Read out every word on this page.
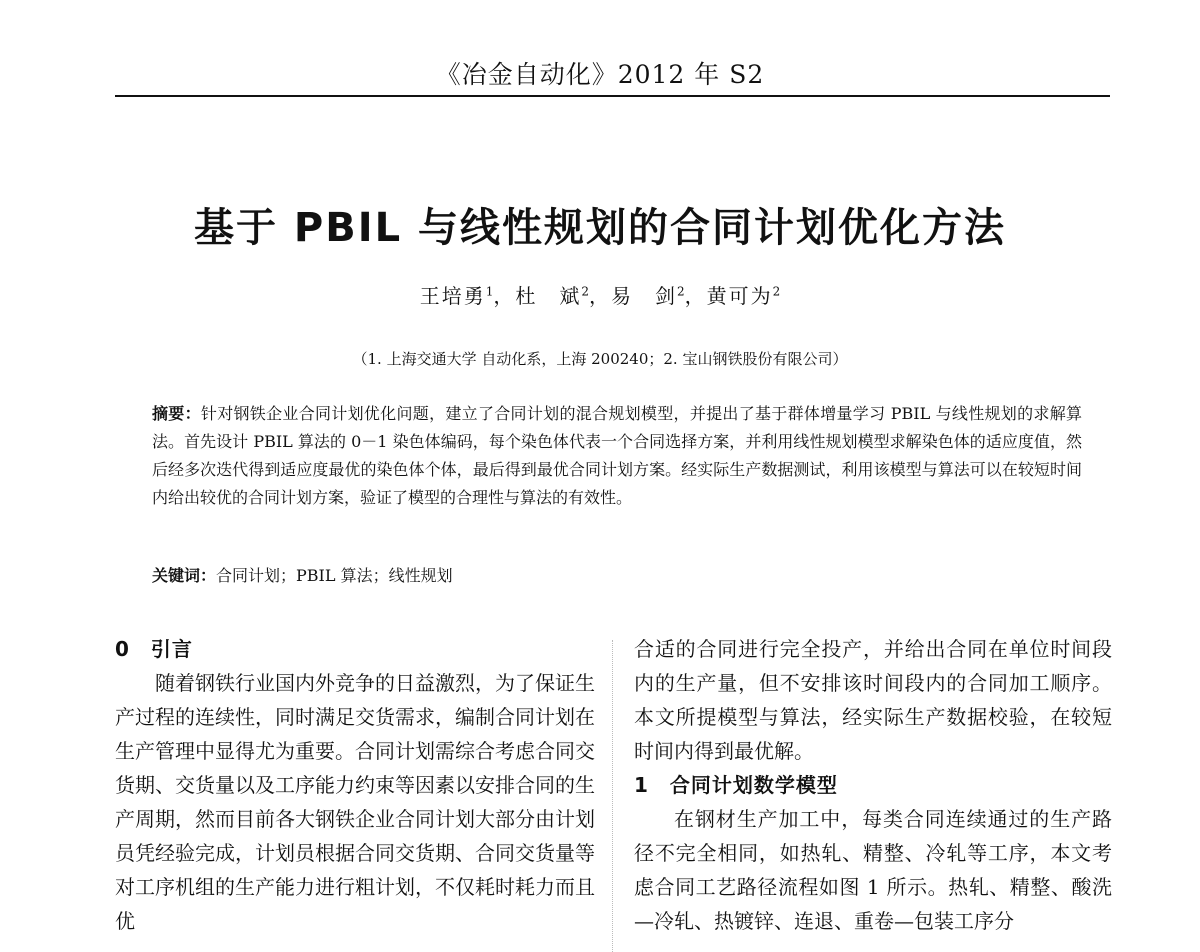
《冶金自动化》2012 年 S2
基于 PBIL 与线性规划的合同计划优化方法
王培勇$^1$，杜　斌$^2$，易　剑$^2$，黄可为$^2$
（1. 上海交通大学 自动化系，上海 200240；2. 宝山钢铁股份有限公司）
摘要：针对钢铁企业合同计划优化问题，建立了合同计划的混合规划模型，并提出了基于群体增量学习 PBIL 与线性规划的求解算法。首先设计 PBIL 算法的 0－1 染色体编码，每个染色体代表一个合同选择方案，并利用线性规划模型求解染色体的适应度值，然后经多次迭代得到适应度最优的染色体个体，最后得到最优合同计划方案。经实际生产数据测试，利用该模型与算法可以在较短时间内给出较优的合同计划方案，验证了模型的合理性与算法的有效性。
关键词：合同计划；PBIL 算法；线性规划
0　引言

随着钢铁行业国内外竞争的日益激烈，为了保证生产过程的连续性，同时满足交货需求，编制合同计划在生产管理中显得尤为重要。合同计划需综合考虑合同交货期、交货量以及工序能力约束等因素以安排合同的生产周期，然而目前各大钢铁企业合同计划大部分由计划员凭经验完成，计划员根据合同交货期、合同交货量等对工序机组的生产能力进行粗计划，不仅耗时耗力而且优

合适的合同进行完全投产，并给出合同在单位时间段内的生产量，但不安排该时间段内的合同加工顺序。本文所提模型与算法，经实际生产数据校验，在较短时间内得到最优解。

1　合同计划数学模型

在钢材生产加工中，每类合同连续通过的生产路径不完全相同，如热轧、精整、冷轧等工序，本文考虑合同工艺路径流程如图 1 所示。热轧、精整、酸洗—冷轧、热镀锌、连退、重卷—包装工序分
